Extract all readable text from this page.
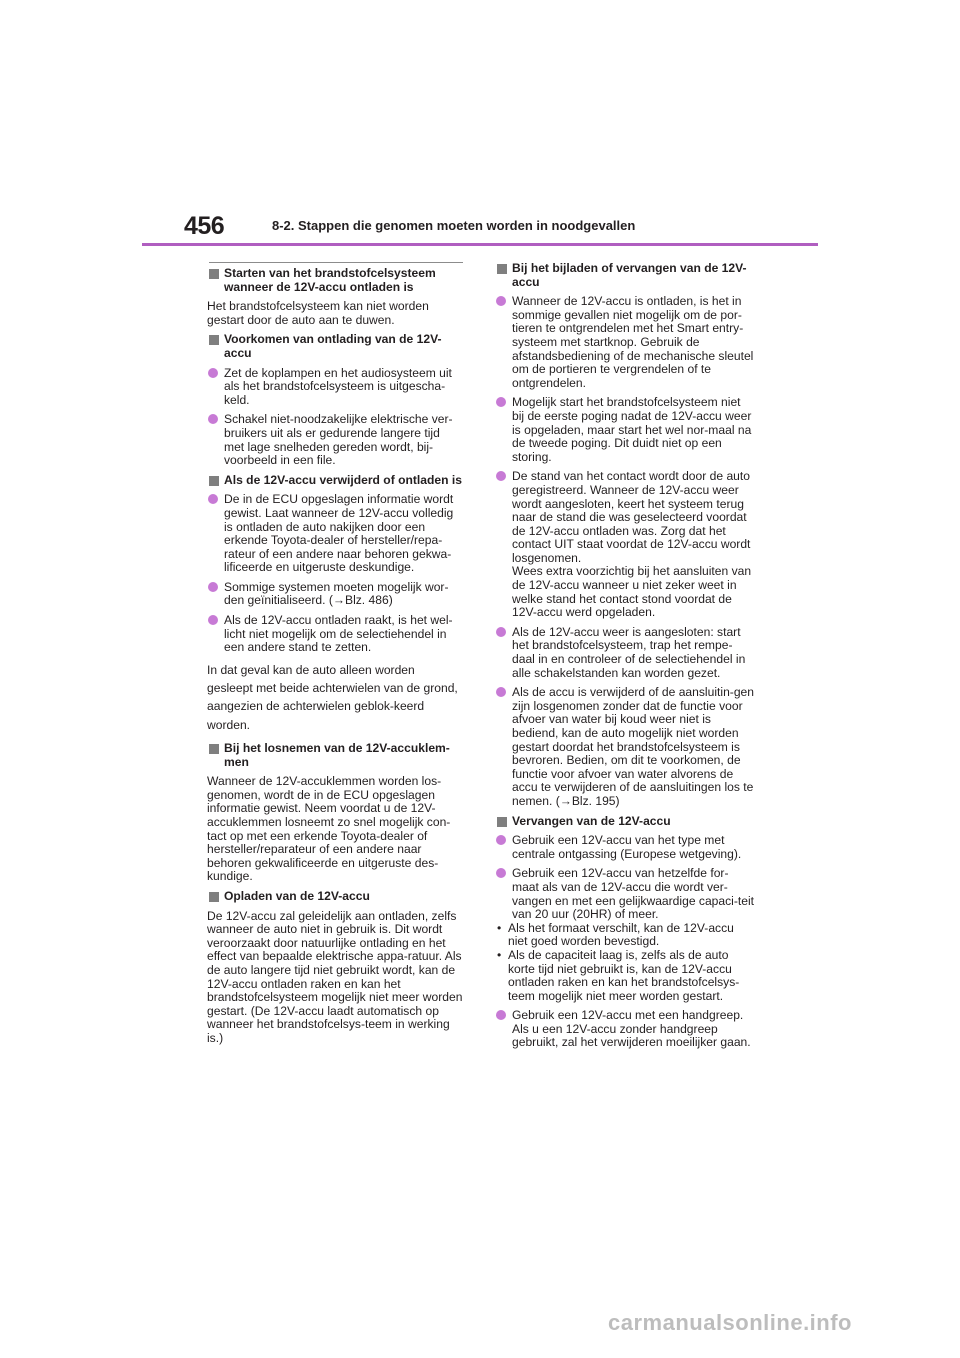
456	8-2. Stappen die genomen moeten worden in noodgevallen
Starten van het brandstofcelsysteem wanneer de 12V-accu ontladen is
Het brandstofcelsysteem kan niet worden gestart door de auto aan te duwen.
Voorkomen van ontlading van de 12V-accu
Zet de koplampen en het audiosysteem uit als het brandstofcelsysteem is uitgescha-keld.
Schakel niet-noodzakelijke elektrische ver-bruikers uit als er gedurende langere tijd met lage snelheden gereden wordt, bij-voorbeeld in een file.
Als de 12V-accu verwijderd of ontladen is
De in de ECU opgeslagen informatie wordt gewist. Laat wanneer de 12V-accu volledig is ontladen de auto nakijken door een erkende Toyota-dealer of hersteller/repa-rateur of een andere naar behoren gekwa-lificeerde en uitgeruste deskundige.
Sommige systemen moeten mogelijk wor-den geïnitialiseerd. (→Blz. 486)
Als de 12V-accu ontladen raakt, is het wel-licht niet mogelijk om de selectiehendel in een andere stand te zetten.
In dat geval kan de auto alleen worden gesleept met beide achterwielen van de grond, aangezien de achterwielen geblok-keerd worden.
Bij het losnemen van de 12V-accuklem-men
Wanneer de 12V-accuklemmen worden los-genomen, wordt de in de ECU opgeslagen informatie gewist. Neem voordat u de 12V-accuklemmen losneemt zo snel mogelijk con-tact op met een erkende Toyota-dealer of hersteller/reparateur of een andere naar behoren gekwalificeerde en uitgeruste des-kundige.
Opladen van de 12V-accu
De 12V-accu zal geleidelijk aan ontladen, zelfs wanneer de auto niet in gebruik is. Dit wordt veroorzaakt door natuurlijke ontlading en het effect van bepaalde elektrische appa-ratuur. Als de auto langere tijd niet gebruikt wordt, kan de 12V-accu ontladen raken en kan het brandstofcelsysteem mogelijk niet meer worden gestart. (De 12V-accu laadt automatisch op wanneer het brandstofcelsys-teem in werking is.)
Bij het bijladen of vervangen van de 12V-accu
Wanneer de 12V-accu is ontladen, is het in sommige gevallen niet mogelijk om de por-tieren te ontgrendelen met het Smart entry-systeem met startknop. Gebruik de afstandsbediening of de mechanische sleutel om de portieren te vergrendelen of te ontgrendelen.
Mogelijk start het brandstofcelsysteem niet bij de eerste poging nadat de 12V-accu weer is opgeladen, maar start het wel nor-maal na de tweede poging. Dit duidt niet op een storing.
De stand van het contact wordt door de auto geregistreerd. Wanneer de 12V-accu weer wordt aangesloten, keert het systeem terug naar de stand die was geselecteerd voordat de 12V-accu ontladen was. Zorg dat het contact UIT staat voordat de 12V-accu wordt losgenomen.
Wees extra voorzichtig bij het aansluiten van de 12V-accu wanneer u niet zeker weet in welke stand het contact stond voordat de 12V-accu werd opgeladen.
Als de 12V-accu weer is aangesloten: start het brandstofcelsysteem, trap het rempe-daal in en controleer of de selectiehendel in alle schakelstanden kan worden gezet.
Als de accu is verwijderd of de aansluitin-gen zijn losgenomen zonder dat de functie voor afvoer van water bij koud weer niet is bediend, kan de auto mogelijk niet worden gestart doordat het brandstofcelsysteem is bevroren. Bedien, om dit te voorkomen, de functie voor afvoer van water alvorens de accu te verwijderen of de aansluitingen los te nemen. (→Blz. 195)
Vervangen van de 12V-accu
Gebruik een 12V-accu van het type met centrale ontgassing (Europese wetgeving).
Gebruik een 12V-accu van hetzelfde for-maat als van de 12V-accu die wordt ver-vangen en met een gelijkwaardige capaci-teit van 20 uur (20HR) of meer.
• Als het formaat verschilt, kan de 12V-accu niet goed worden bevestigd.
• Als de capaciteit laag is, zelfs als de auto korte tijd niet gebruikt is, kan de 12V-accu ontladen raken en kan het brandstofcelsys-teem mogelijk niet meer worden gestart.
Gebruik een 12V-accu met een handgreep. Als u een 12V-accu zonder handgreep gebruikt, zal het verwijderen moeilijker gaan.
carmanualsonline.info
